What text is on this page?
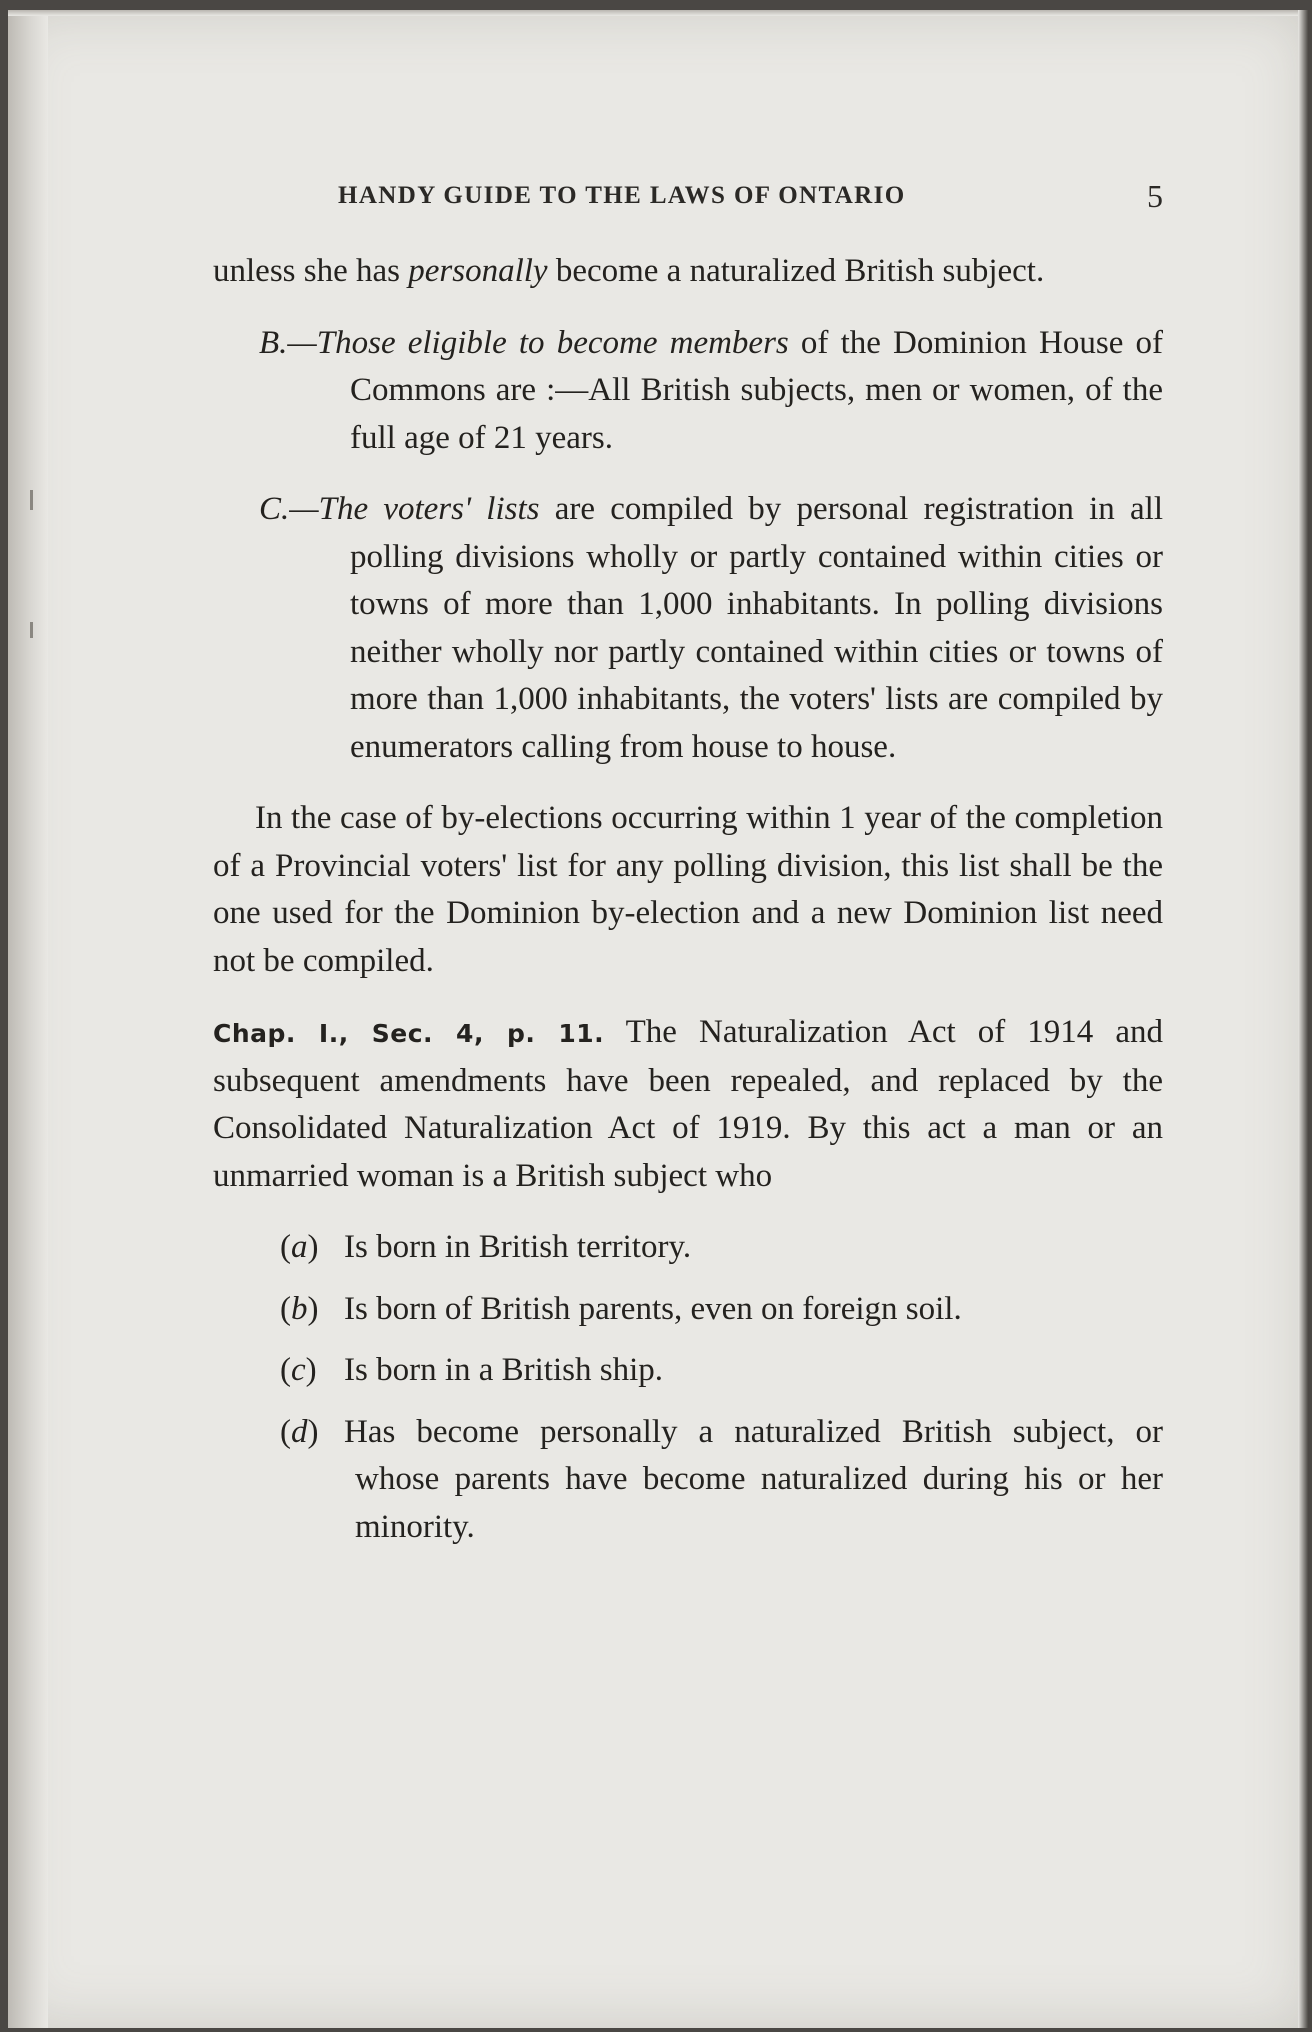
HANDY GUIDE TO THE LAWS OF ONTARIO	5

unless she has personally become a naturalized British subject.

B.—Those eligible to become members of the Dominion House of Commons are :—All British subjects, men or women, of the full age of 21 years.

C.—The voters' lists are compiled by personal registration in all polling divisions wholly or partly contained within cities or towns of more than 1,000 inhabitants. In polling divisions neither wholly nor partly contained within cities or towns of more than 1,000 inhabitants, the voters' lists are compiled by enumerators calling from house to house.

In the case of by-elections occurring within 1 year of the completion of a Provincial voters' list for any polling division, this list shall be the one used for the Dominion by-election and a new Dominion list need not be compiled.

Chap. I., Sec. 4, p. 11. The Naturalization Act of 1914 and subsequent amendments have been repealed, and replaced by the Consolidated Naturalization Act of 1919. By this act a man or an unmarried woman is a British subject who

(a) Is born in British territory.

(b) Is born of British parents, even on foreign soil.

(c) Is born in a British ship.

(d) Has become personally a naturalized British subject, or whose parents have become naturalized during his or her minority.
